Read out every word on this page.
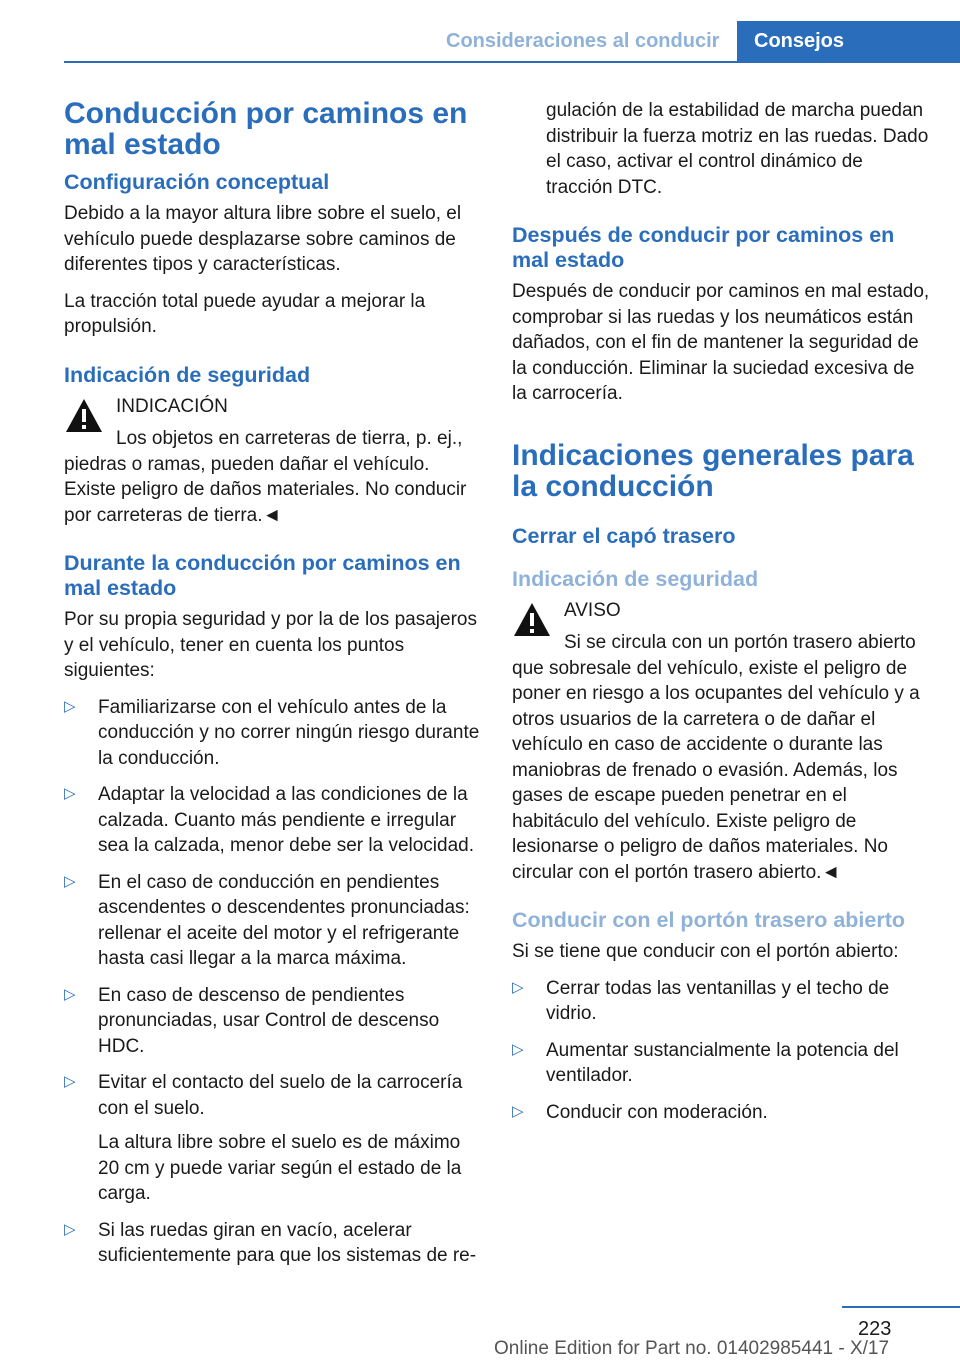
Consideraciones al conducir Consejos
Conducción por caminos en mal estado
Configuración conceptual
Debido a la mayor altura libre sobre el suelo, el vehículo puede desplazarse sobre caminos de diferentes tipos y características.
La tracción total puede ayudar a mejorar la propulsión.
Indicación de seguridad
INDICACIÓN
Los objetos en carreteras de tierra, p. ej., piedras o ramas, pueden dañar el vehículo. Existe peligro de daños materiales. No conducir por carreteras de tierra.◄
Durante la conducción por caminos en mal estado
Por su propia seguridad y por la de los pasajeros y el vehículo, tener en cuenta los puntos siguientes:
▷ Familiarizarse con el vehículo antes de la conducción y no correr ningún riesgo durante la conducción.
▷ Adaptar la velocidad a las condiciones de la calzada. Cuanto más pendiente e irregular sea la calzada, menor debe ser la velocidad.
▷ En el caso de conducción en pendientes ascendentes o descendentes pronunciadas: rellenar el aceite del motor y el refrigerante hasta casi llegar a la marca máxima.
▷ En caso de descenso de pendientes pronunciadas, usar Control de descenso HDC.
▷ Evitar el contacto del suelo de la carrocería con el suelo.
La altura libre sobre el suelo es de máximo 20 cm y puede variar según el estado de la carga.
▷ Si las ruedas giran en vacío, acelerar suficientemente para que los sistemas de re-
gulación de la estabilidad de marcha puedan distribuir la fuerza motriz en las ruedas. Dado el caso, activar el control dinámico de tracción DTC.
Después de conducir por caminos en mal estado
Después de conducir por caminos en mal estado, comprobar si las ruedas y los neumáticos están dañados, con el fin de mantener la seguridad de la conducción. Eliminar la suciedad excesiva de la carrocería.
Indicaciones generales para la conducción
Cerrar el capó trasero
Indicación de seguridad
AVISO
Si se circula con un portón trasero abierto que sobresale del vehículo, existe el peligro de poner en riesgo a los ocupantes del vehículo y a otros usuarios de la carretera o de dañar el vehículo en caso de accidente o durante las maniobras de frenado o evasión. Además, los gases de escape pueden penetrar en el habitáculo del vehículo. Existe peligro de lesionarse o peligro de daños materiales. No circular con el portón trasero abierto.◄
Conducir con el portón trasero abierto
Si se tiene que conducir con el portón abierto:
▷ Cerrar todas las ventanillas y el techo de vidrio.
▷ Aumentar sustancialmente la potencia del ventilador.
▷ Conducir con moderación.
223
Online Edition for Part no. 01402985441 - X/17
